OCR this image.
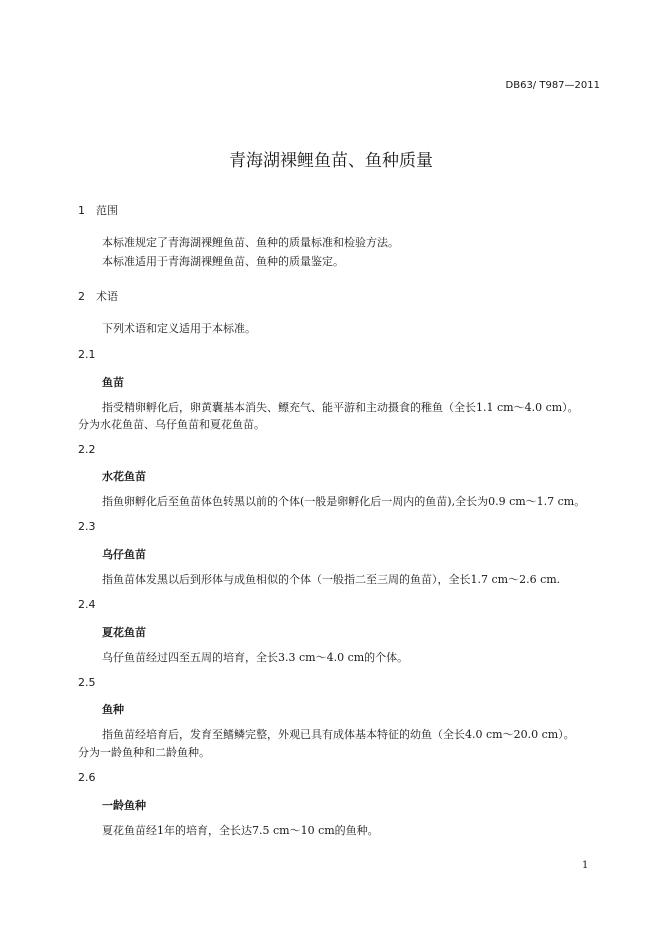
DB63/ T987—2011
青海湖裸鲤鱼苗、鱼种质量
1 范围
本标准规定了青海湖裸鲤鱼苗、鱼种的质量标准和检验方法。
本标准适用于青海湖裸鲤鱼苗、鱼种的质量鉴定。
2 术语
下列术语和定义适用于本标准。
2.1
鱼苗
指受精卵孵化后，卵黄囊基本消失、鳔充气、能平游和主动摄食的稚鱼（全长1.1 cm～4.0 cm）。
分为水花鱼苗、乌仔鱼苗和夏花鱼苗。
2.2
水花鱼苗
指鱼卵孵化后至鱼苗体色转黑以前的个体(一般是卵孵化后一周内的鱼苗),全长为0.9 cm～1.7 cm。
2.3
乌仔鱼苗
指鱼苗体发黑以后到形体与成鱼相似的个体（一般指二至三周的鱼苗），全长1.7 cm～2.6 cm.
2.4
夏花鱼苗
乌仔鱼苗经过四至五周的培育，全长3.3 cm～4.0 cm的个体。
2.5
鱼种
指鱼苗经培育后，发育至鳍鳞完整，外观已具有成体基本特征的幼鱼（全长4.0 cm～20.0 cm）。
分为一龄鱼种和二龄鱼种。
2.6
一龄鱼种
夏花鱼苗经1年的培育，全长达7.5 cm～10 cm的鱼种。
1
